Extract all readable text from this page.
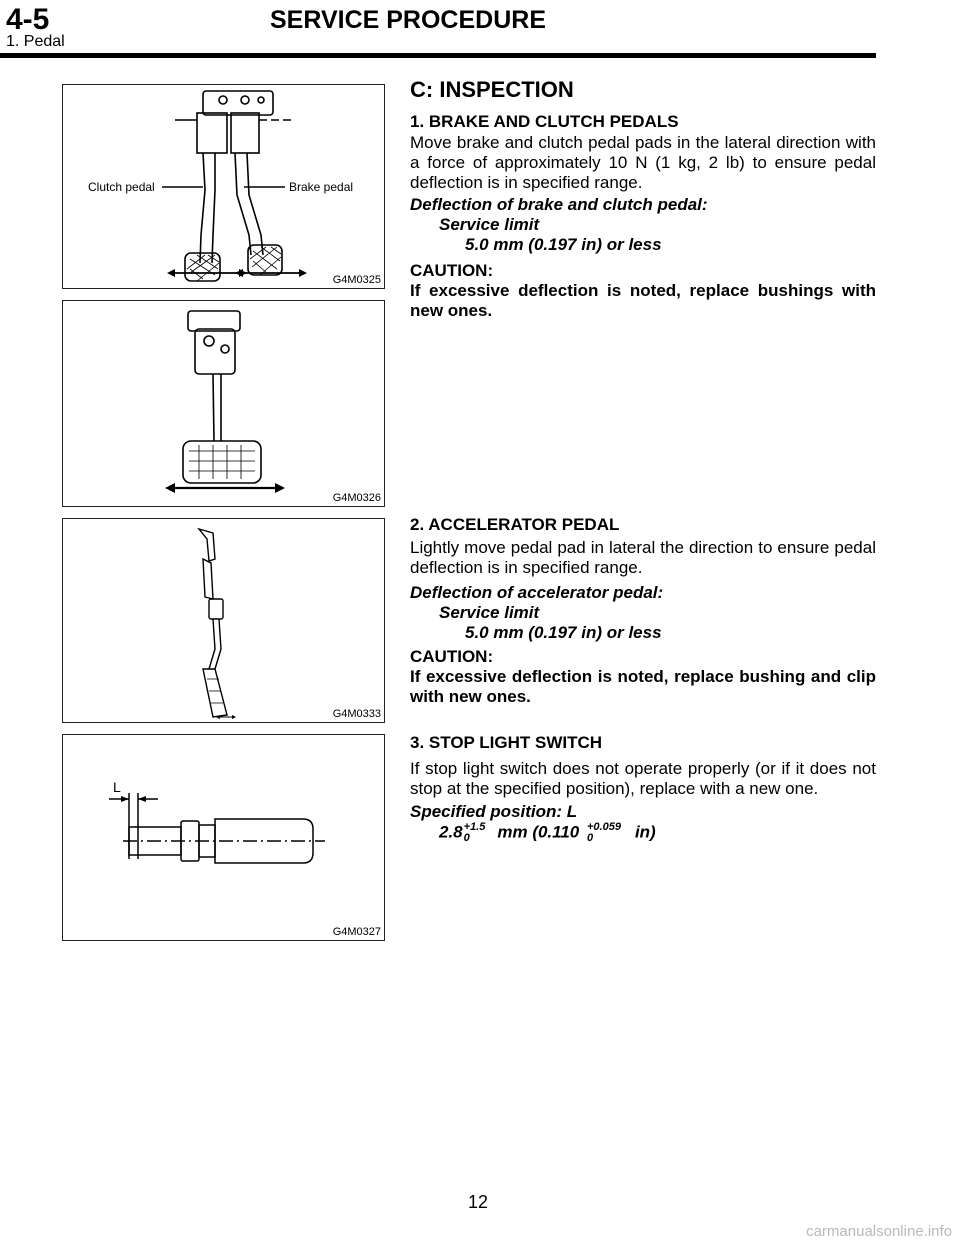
4-5	SERVICE PROCEDURE
1. Pedal
Clutch pedal	Brake pedal
G4M0325
G4M0326
G4M0333
L
G4M0327
C: INSPECTION
1. BRAKE AND CLUTCH PEDALS
Move brake and clutch pedal pads in the lateral direction with a force of approximately 10 N (1 kg, 2 lb) to ensure pedal deflection is in specified range.
Deflection of brake and clutch pedal:
Service limit
5.0 mm (0.197 in) or less
CAUTION:
If excessive deflection is noted, replace bushings with new ones.
2. ACCELERATOR PEDAL
Lightly move pedal pad in lateral the direction to ensure pedal deflection is in specified range.
Deflection of accelerator pedal:
Service limit
5.0 mm (0.197 in) or less
CAUTION:
If excessive deflection is noted, replace bushing and clip with new ones.
3. STOP LIGHT SWITCH
If stop light switch does not operate properly (or if it does not stop at the specified position), replace with a new one.
Specified position: L
2.8 +1.5
0	mm (0.110 +0.059
0	in)
12
carmanualsonline.info
